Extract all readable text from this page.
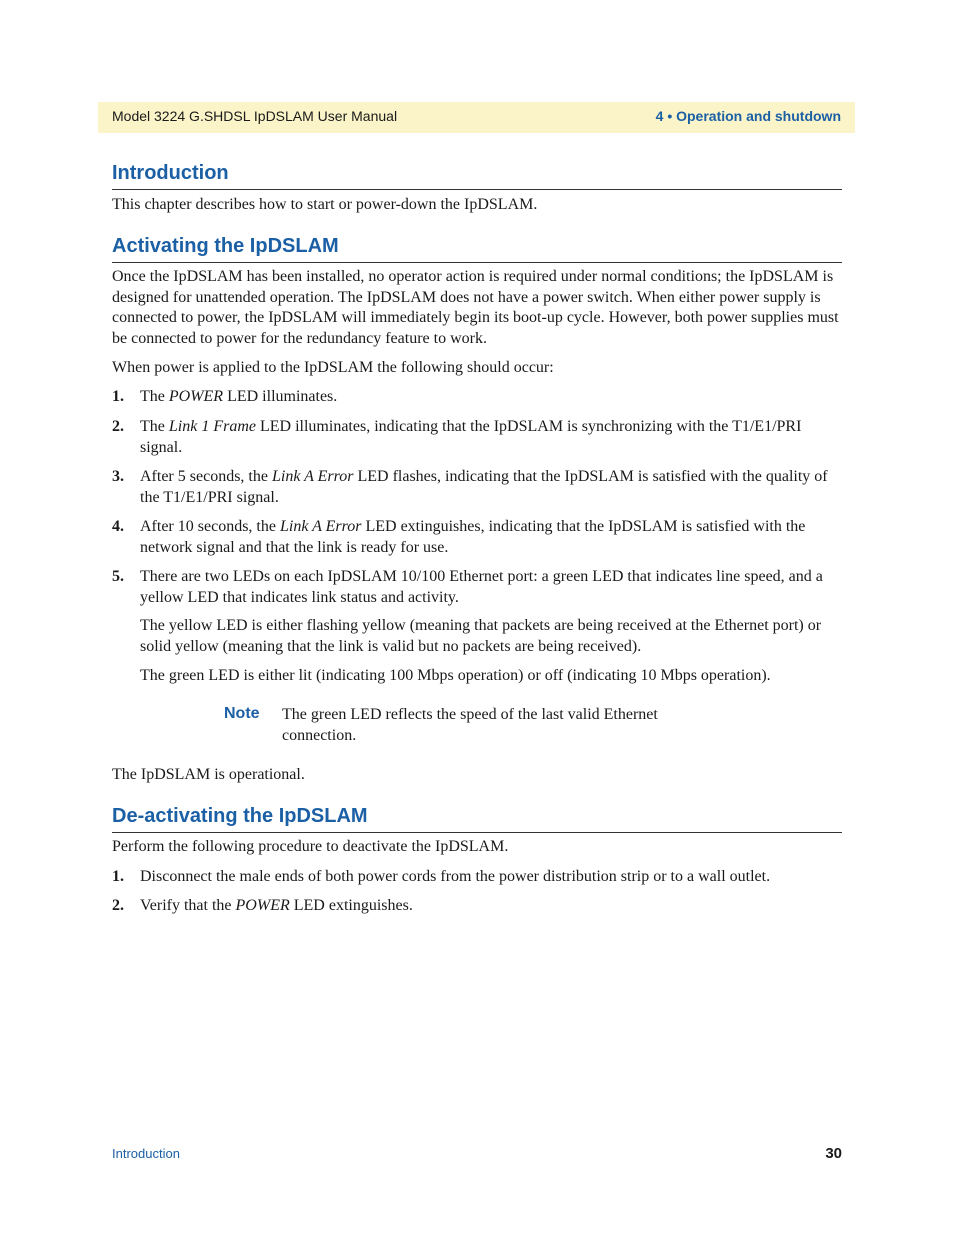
Model 3224 G.SHDSL IpDSLAM User Manual	4 • Operation and shutdown
Introduction

This chapter describes how to start or power-down the IpDSLAM.

Activating the IpDSLAM

Once the IpDSLAM has been installed, no operator action is required under normal conditions; the IpDSLAM is designed for unattended operation. The IpDSLAM does not have a power switch. When either power supply is connected to power, the IpDSLAM will immediately begin its boot-up cycle. However, both power supplies must be connected to power for the redundancy feature to work.

When power is applied to the IpDSLAM the following should occur:

1. The POWER LED illuminates.
2. The Link 1 Frame LED illuminates, indicating that the IpDSLAM is synchronizing with the T1/E1/PRI signal.
3. After 5 seconds, the Link A Error LED flashes, indicating that the IpDSLAM is satisfied with the quality of the T1/E1/PRI signal.
4. After 10 seconds, the Link A Error LED extinguishes, indicating that the IpDSLAM is satisfied with the network signal and that the link is ready for use.
5. There are two LEDs on each IpDSLAM 10/100 Ethernet port: a green LED that indicates line speed, and a yellow LED that indicates link status and activity.

The yellow LED is either flashing yellow (meaning that packets are being received at the Ethernet port) or solid yellow (meaning that the link is valid but no packets are being received).

The green LED is either lit (indicating 100 Mbps operation) or off (indicating 10 Mbps operation).

Note The green LED reflects the speed of the last valid Ethernet connection.

The IpDSLAM is operational.

De-activating the IpDSLAM

Perform the following procedure to deactivate the IpDSLAM.

1. Disconnect the male ends of both power cords from the power distribution strip or to a wall outlet.
2. Verify that the POWER LED extinguishes.
Introduction	30
